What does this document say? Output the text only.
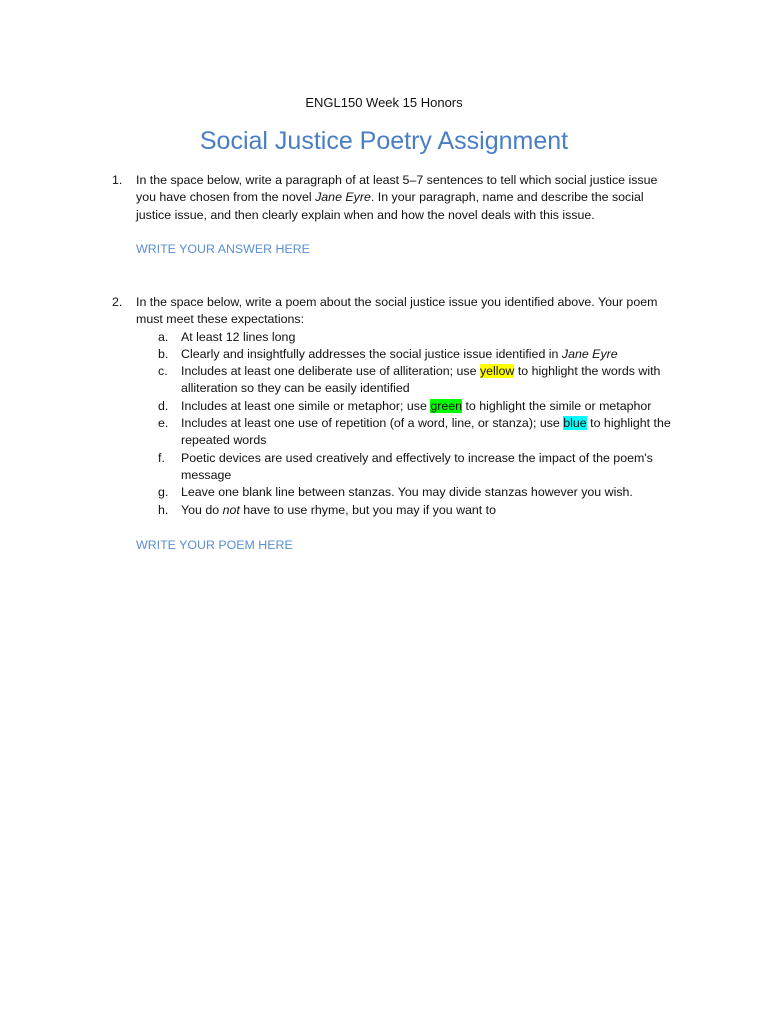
ENGL150 Week 15 Honors
Social Justice Poetry Assignment
1. In the space below, write a paragraph of at least 5–7 sentences to tell which social justice issue you have chosen from the novel Jane Eyre. In your paragraph, name and describe the social justice issue, and then clearly explain when and how the novel deals with this issue.
WRITE YOUR ANSWER HERE
2. In the space below, write a poem about the social justice issue you identified above. Your poem must meet these expectations:
a. At least 12 lines long
b. Clearly and insightfully addresses the social justice issue identified in Jane Eyre
c. Includes at least one deliberate use of alliteration; use yellow to highlight the words with alliteration so they can be easily identified
d. Includes at least one simile or metaphor; use green to highlight the simile or metaphor
e. Includes at least one use of repetition (of a word, line, or stanza); use blue to highlight the repeated words
f. Poetic devices are used creatively and effectively to increase the impact of the poem's message
g. Leave one blank line between stanzas. You may divide stanzas however you wish.
h. You do not have to use rhyme, but you may if you want to
WRITE YOUR POEM HERE
